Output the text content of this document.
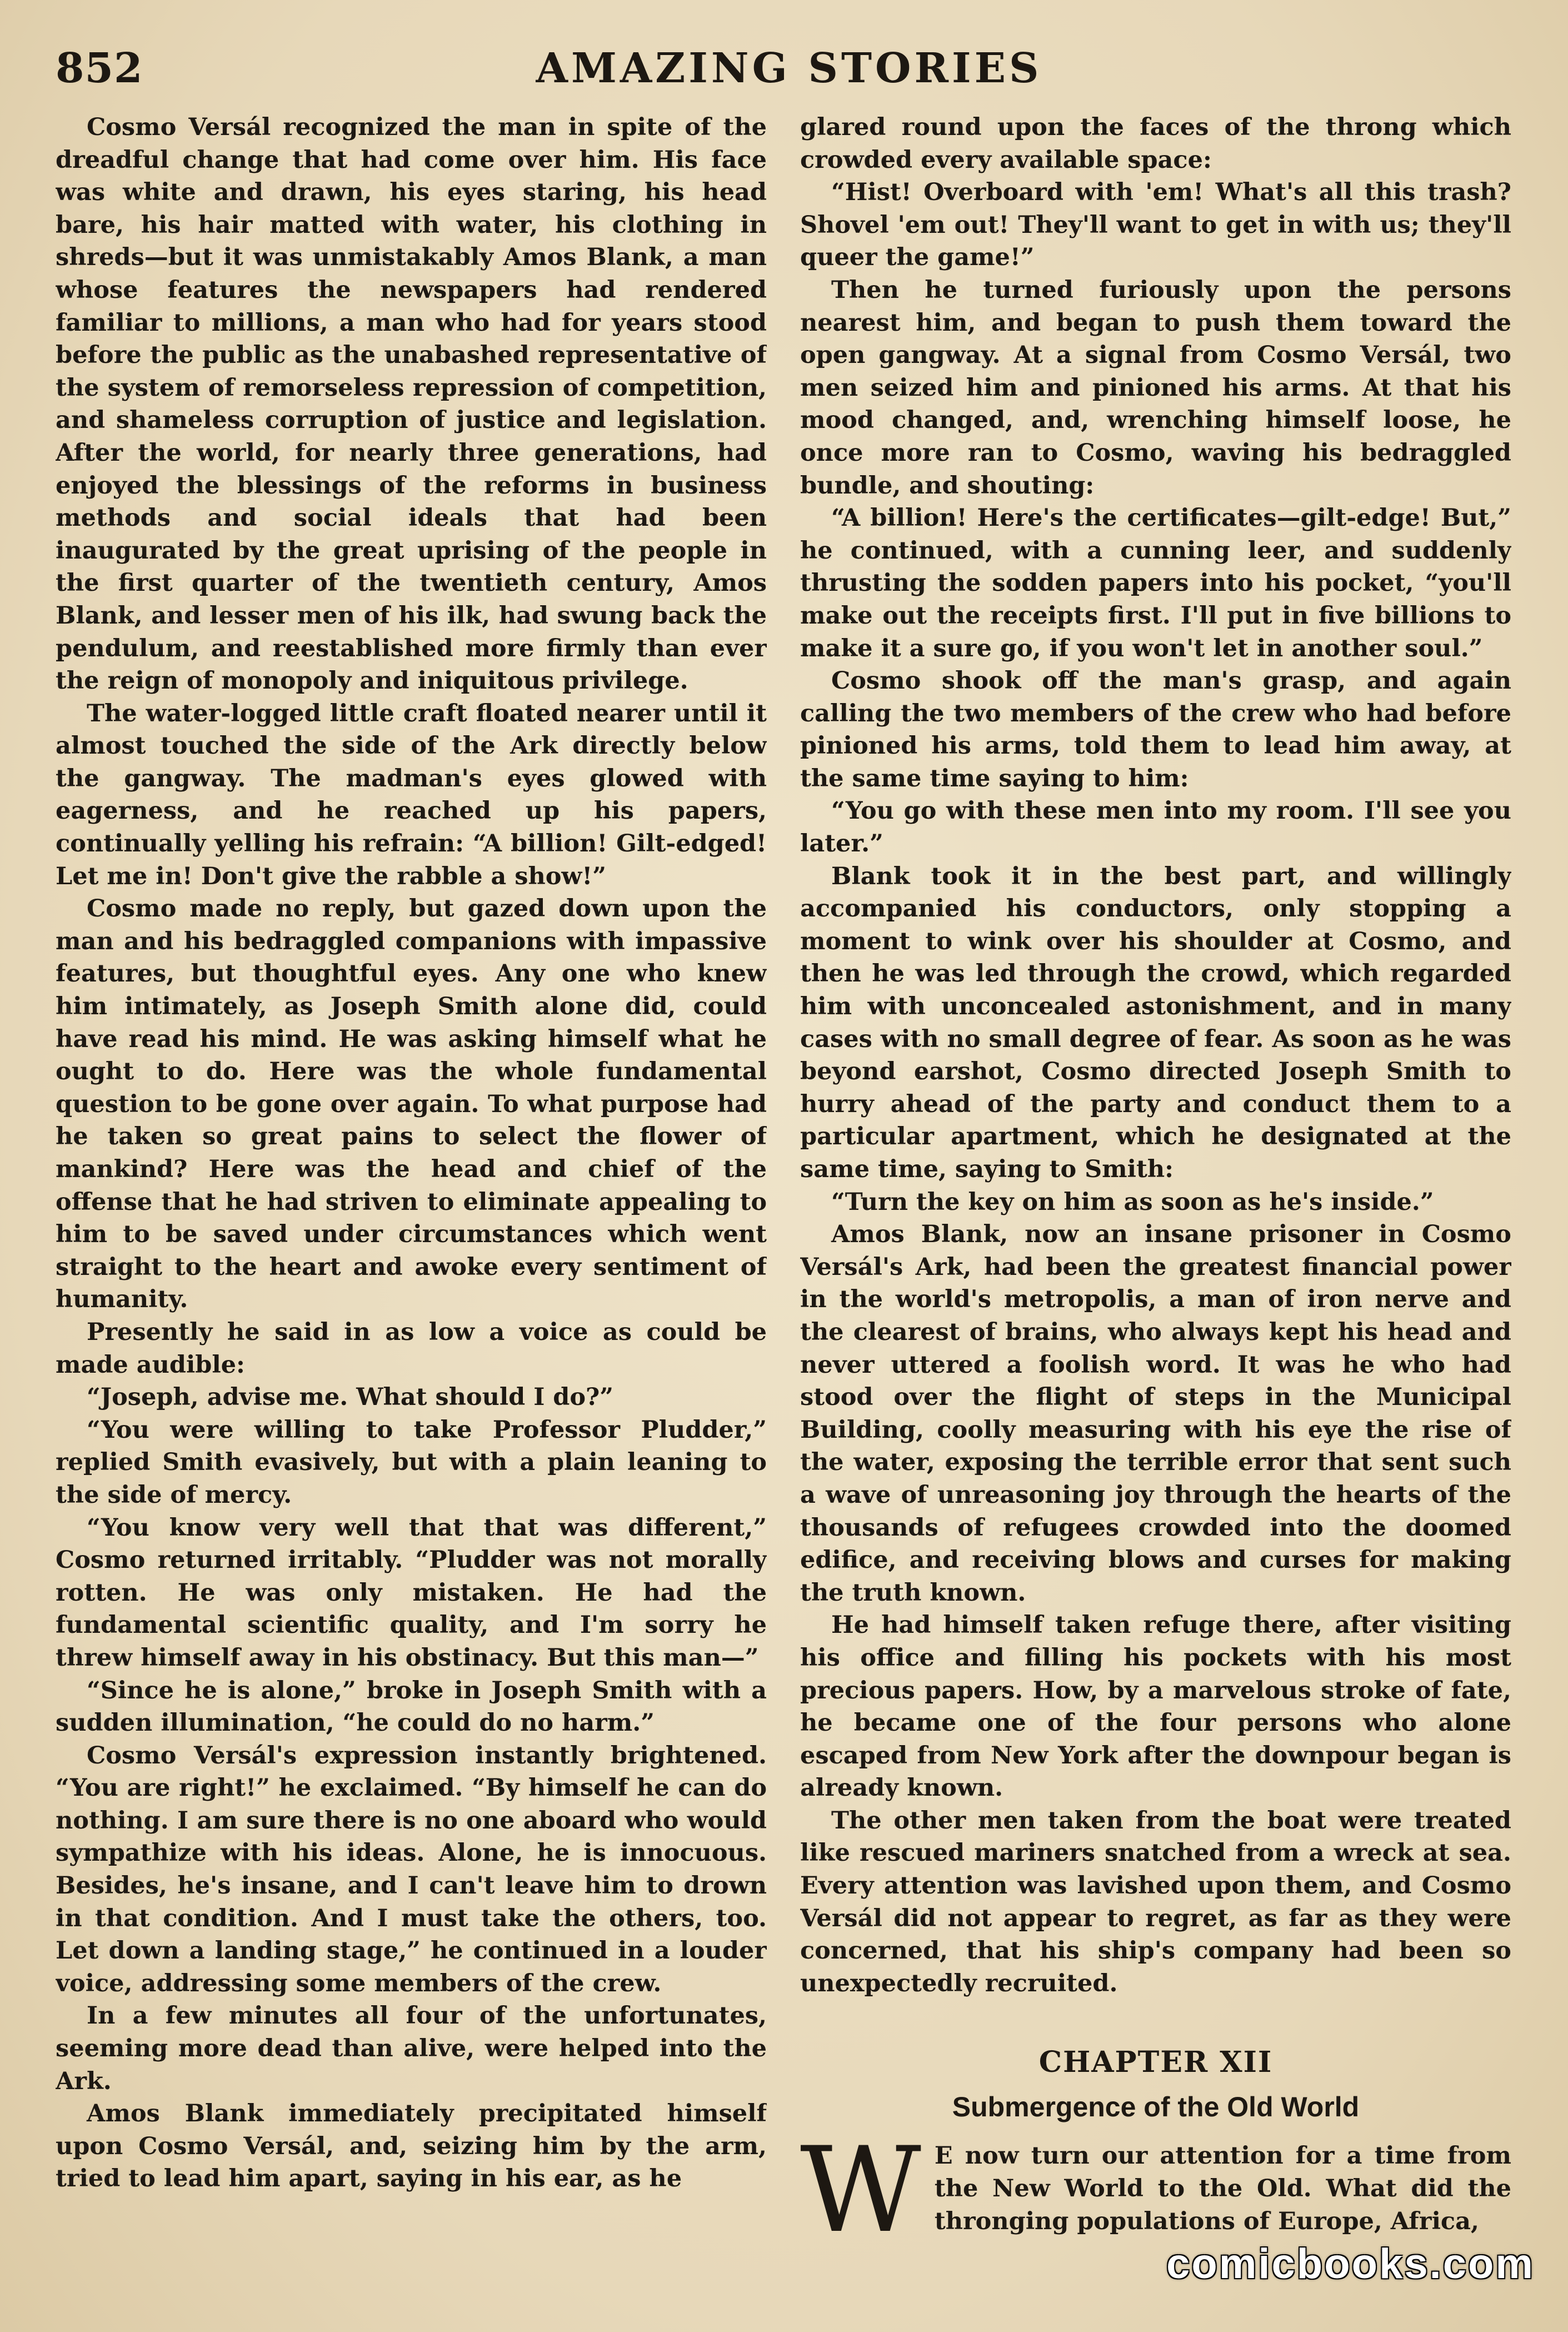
852	AMAZING STORIES

Cosmo Versál recognized the man in spite of the dreadful change that had come over him. His face was white and drawn, his eyes staring, his head bare, his hair matted with water, his clothing in shreds—but it was unmistakably Amos Blank, a man whose features the newspapers had rendered familiar to millions, a man who had for years stood before the public as the unabashed representative of the system of remorseless repression of competition, and shameless corruption of justice and legislation. After the world, for nearly three generations, had enjoyed the blessings of the reforms in business methods and social ideals that had been inaugurated by the great uprising of the people in the first quarter of the twentieth century, Amos Blank, and lesser men of his ilk, had swung back the pendulum, and reestablished more firmly than ever the reign of monopoly and iniquitous privilege.

The water-logged little craft floated nearer until it almost touched the side of the Ark directly below the gangway. The madman's eyes glowed with eagerness, and he reached up his papers, continually yelling his refrain: “A billion! Gilt-edged! Let me in! Don't give the rabble a show!”

Cosmo made no reply, but gazed down upon the man and his bedraggled companions with impassive features, but thoughtful eyes. Any one who knew him intimately, as Joseph Smith alone did, could have read his mind. He was asking himself what he ought to do. Here was the whole fundamental question to be gone over again. To what purpose had he taken so great pains to select the flower of mankind? Here was the head and chief of the offense that he had striven to eliminate appealing to him to be saved under circumstances which went straight to the heart and awoke every sentiment of humanity.

Presently he said in as low a voice as could be made audible:

“Joseph, advise me. What should I do?”

“You were willing to take Professor Pludder,” replied Smith evasively, but with a plain leaning to the side of mercy.

“You know very well that that was different,” Cosmo returned irritably. “Pludder was not morally rotten. He was only mistaken. He had the fundamental scientific quality, and I'm sorry he threw himself away in his obstinacy. But this man—”

“Since he is alone,” broke in Joseph Smith with a sudden illumination, “he could do no harm.”

Cosmo Versál's expression instantly brightened. “You are right!” he exclaimed. “By himself he can do nothing. I am sure there is no one aboard who would sympathize with his ideas. Alone, he is innocuous. Besides, he's insane, and I can't leave him to drown in that condition. And I must take the others, too. Let down a landing stage,” he continued in a louder voice, addressing some members of the crew.

In a few minutes all four of the unfortunates, seeming more dead than alive, were helped into the Ark.

Amos Blank immediately precipitated himself upon Cosmo Versál, and, seizing him by the arm, tried to lead him apart, saying in his ear, as he

glared round upon the faces of the throng which crowded every available space:

“Hist! Overboard with 'em! What's all this trash? Shovel 'em out! They'll want to get in with us; they'll queer the game!”

Then he turned furiously upon the persons nearest him, and began to push them toward the open gangway. At a signal from Cosmo Versál, two men seized him and pinioned his arms. At that his mood changed, and, wrenching himself loose, he once more ran to Cosmo, waving his bedraggled bundle, and shouting:

“A billion! Here's the certificates—gilt-edge! But,” he continued, with a cunning leer, and suddenly thrusting the sodden papers into his pocket, “you'll make out the receipts first. I'll put in five billions to make it a sure go, if you won't let in another soul.”

Cosmo shook off the man's grasp, and again calling the two members of the crew who had before pinioned his arms, told them to lead him away, at the same time saying to him:

“You go with these men into my room. I'll see you later.”

Blank took it in the best part, and willingly accompanied his conductors, only stopping a moment to wink over his shoulder at Cosmo, and then he was led through the crowd, which regarded him with unconcealed astonishment, and in many cases with no small degree of fear. As soon as he was beyond earshot, Cosmo directed Joseph Smith to hurry ahead of the party and conduct them to a particular apartment, which he designated at the same time, saying to Smith:

“Turn the key on him as soon as he's inside.”

Amos Blank, now an insane prisoner in Cosmo Versál's Ark, had been the greatest financial power in the world's metropolis, a man of iron nerve and the clearest of brains, who always kept his head and never uttered a foolish word. It was he who had stood over the flight of steps in the Municipal Building, coolly measuring with his eye the rise of the water, exposing the terrible error that sent such a wave of unreasoning joy through the hearts of the thousands of refugees crowded into the doomed edifice, and receiving blows and curses for making the truth known.

He had himself taken refuge there, after visiting his office and filling his pockets with his most precious papers. How, by a marvelous stroke of fate, he became one of the four persons who alone escaped from New York after the downpour began is already known.

The other men taken from the boat were treated like rescued mariners snatched from a wreck at sea. Every attention was lavished upon them, and Cosmo Versál did not appear to regret, as far as they were concerned, that his ship's company had been so unexpectedly recruited.

CHAPTER XII
Submergence of the Old World

W E now turn our attention for a time from the New World to the Old. What did the thronging populations of Europe, Africa,

comicbooks.com
